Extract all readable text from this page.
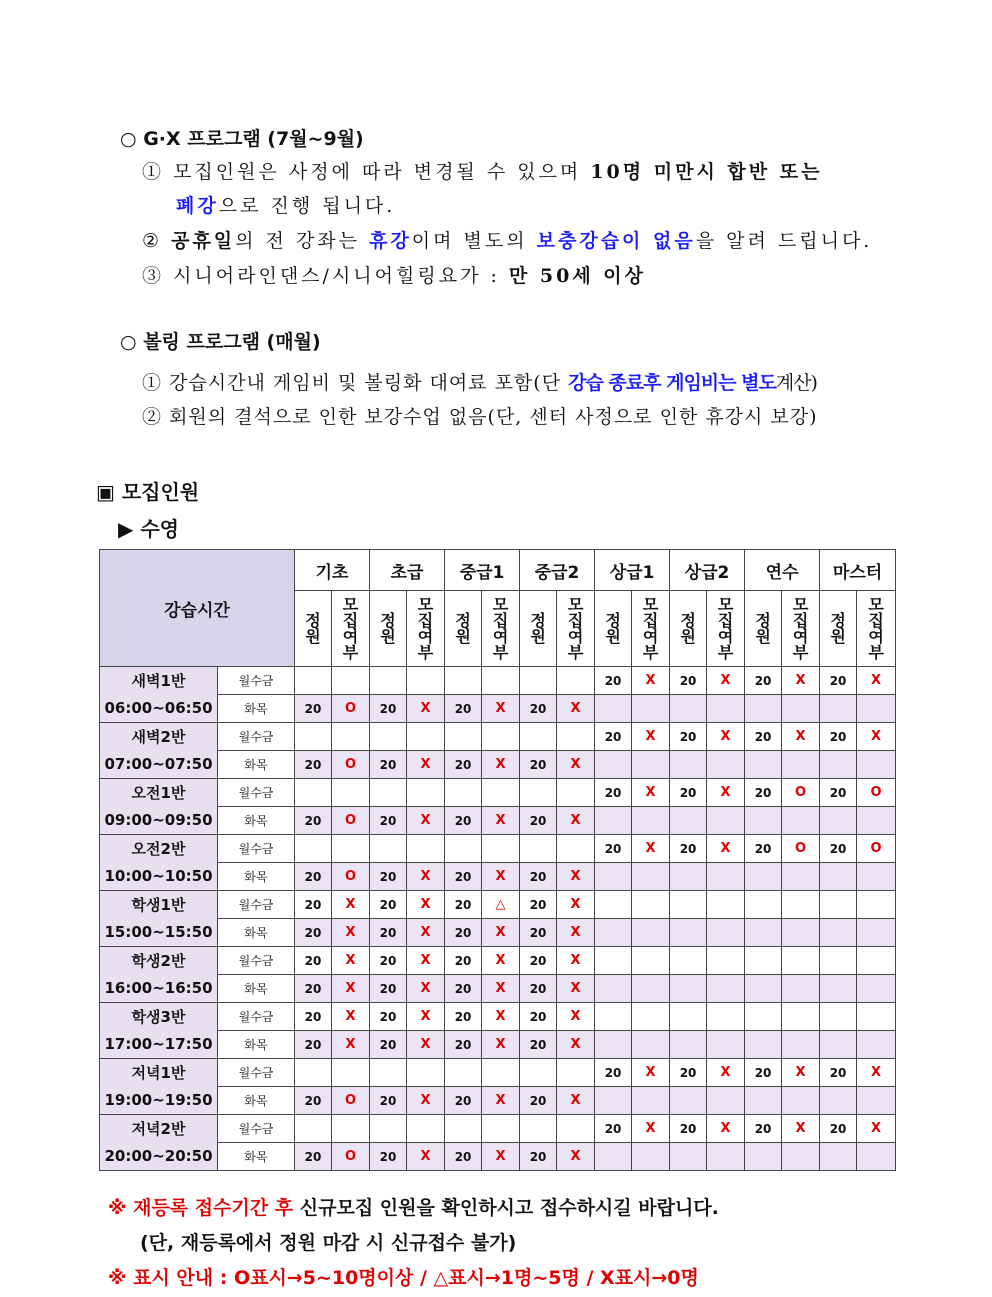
○ G·X 프로그램 (7월~9월)
① 모집인원은 사정에 따라 변경될 수 있으며 10명 미만시 합반 또는
폐강으로 진행 됩니다.
② 공휴일의 전 강좌는 휴강이며 별도의 보충강습이 없음을 알려 드립니다.
③ 시니어라인댄스/시니어힐링요가 : 만 50세 이상
○ 볼링 프로그램 (매월)
① 강습시간내 게임비 및 볼링화 대여료 포함(단 강습 종료후 게임비는 별도계산)
② 회원의 결석으로 인한 보강수업 없음(단, 센터 사정으로 인한 휴강시 보강)
▣ 모집인원
▶ 수영
강습시간		기초		초급		중급1		중급2		상급1		상급2		연수		마스터	
		정원	모집여부	정원	모집여부	정원	모집여부	정원	모집여부	정원	모집여부	정원	모집여부	정원	모집여부	정원	모집여부

새벽1반
06:00~06:50	월수금									20	X	20	X	20	X	20	X
	화목	20	O	20	X	20	X	20	X								

새벽2반
07:00~07:50	월수금									20	X	20	X	20	X	20	X
	화목	20	O	20	X	20	X	20	X								

오전1반
09:00~09:50	월수금									20	X	20	X	20	O	20	O
	화목	20	O	20	X	20	X	20	X								

오전2반
10:00~10:50	월수금									20	X	20	X	20	O	20	O
	화목	20	O	20	X	20	X	20	X								

학생1반
15:00~15:50	월수금	20	X	20	X	20	△	20	X								
	화목	20	X	20	X	20	X	20	X								

학생2반
16:00~16:50	월수금	20	X	20	X	20	X	20	X								
	화목	20	X	20	X	20	X	20	X								

학생3반
17:00~17:50	월수금	20	X	20	X	20	X	20	X								
	화목	20	X	20	X	20	X	20	X								

저녁1반
19:00~19:50	월수금									20	X	20	X	20	X	20	X
	화목	20	O	20	X	20	X	20	X								

저녁2반
20:00~20:50	월수금									20	X	20	X	20	X	20	X
	화목	20	O	20	X	20	X	20	X								
※ 재등록 접수기간 후 신규모집 인원을 확인하시고 접수하시길 바랍니다.
(단, 재등록에서 정원 마감 시 신규접수 불가)
※ 표시 안내 : O표시→5~10명이상 / △표시→1명~5명 / X표시→0명
